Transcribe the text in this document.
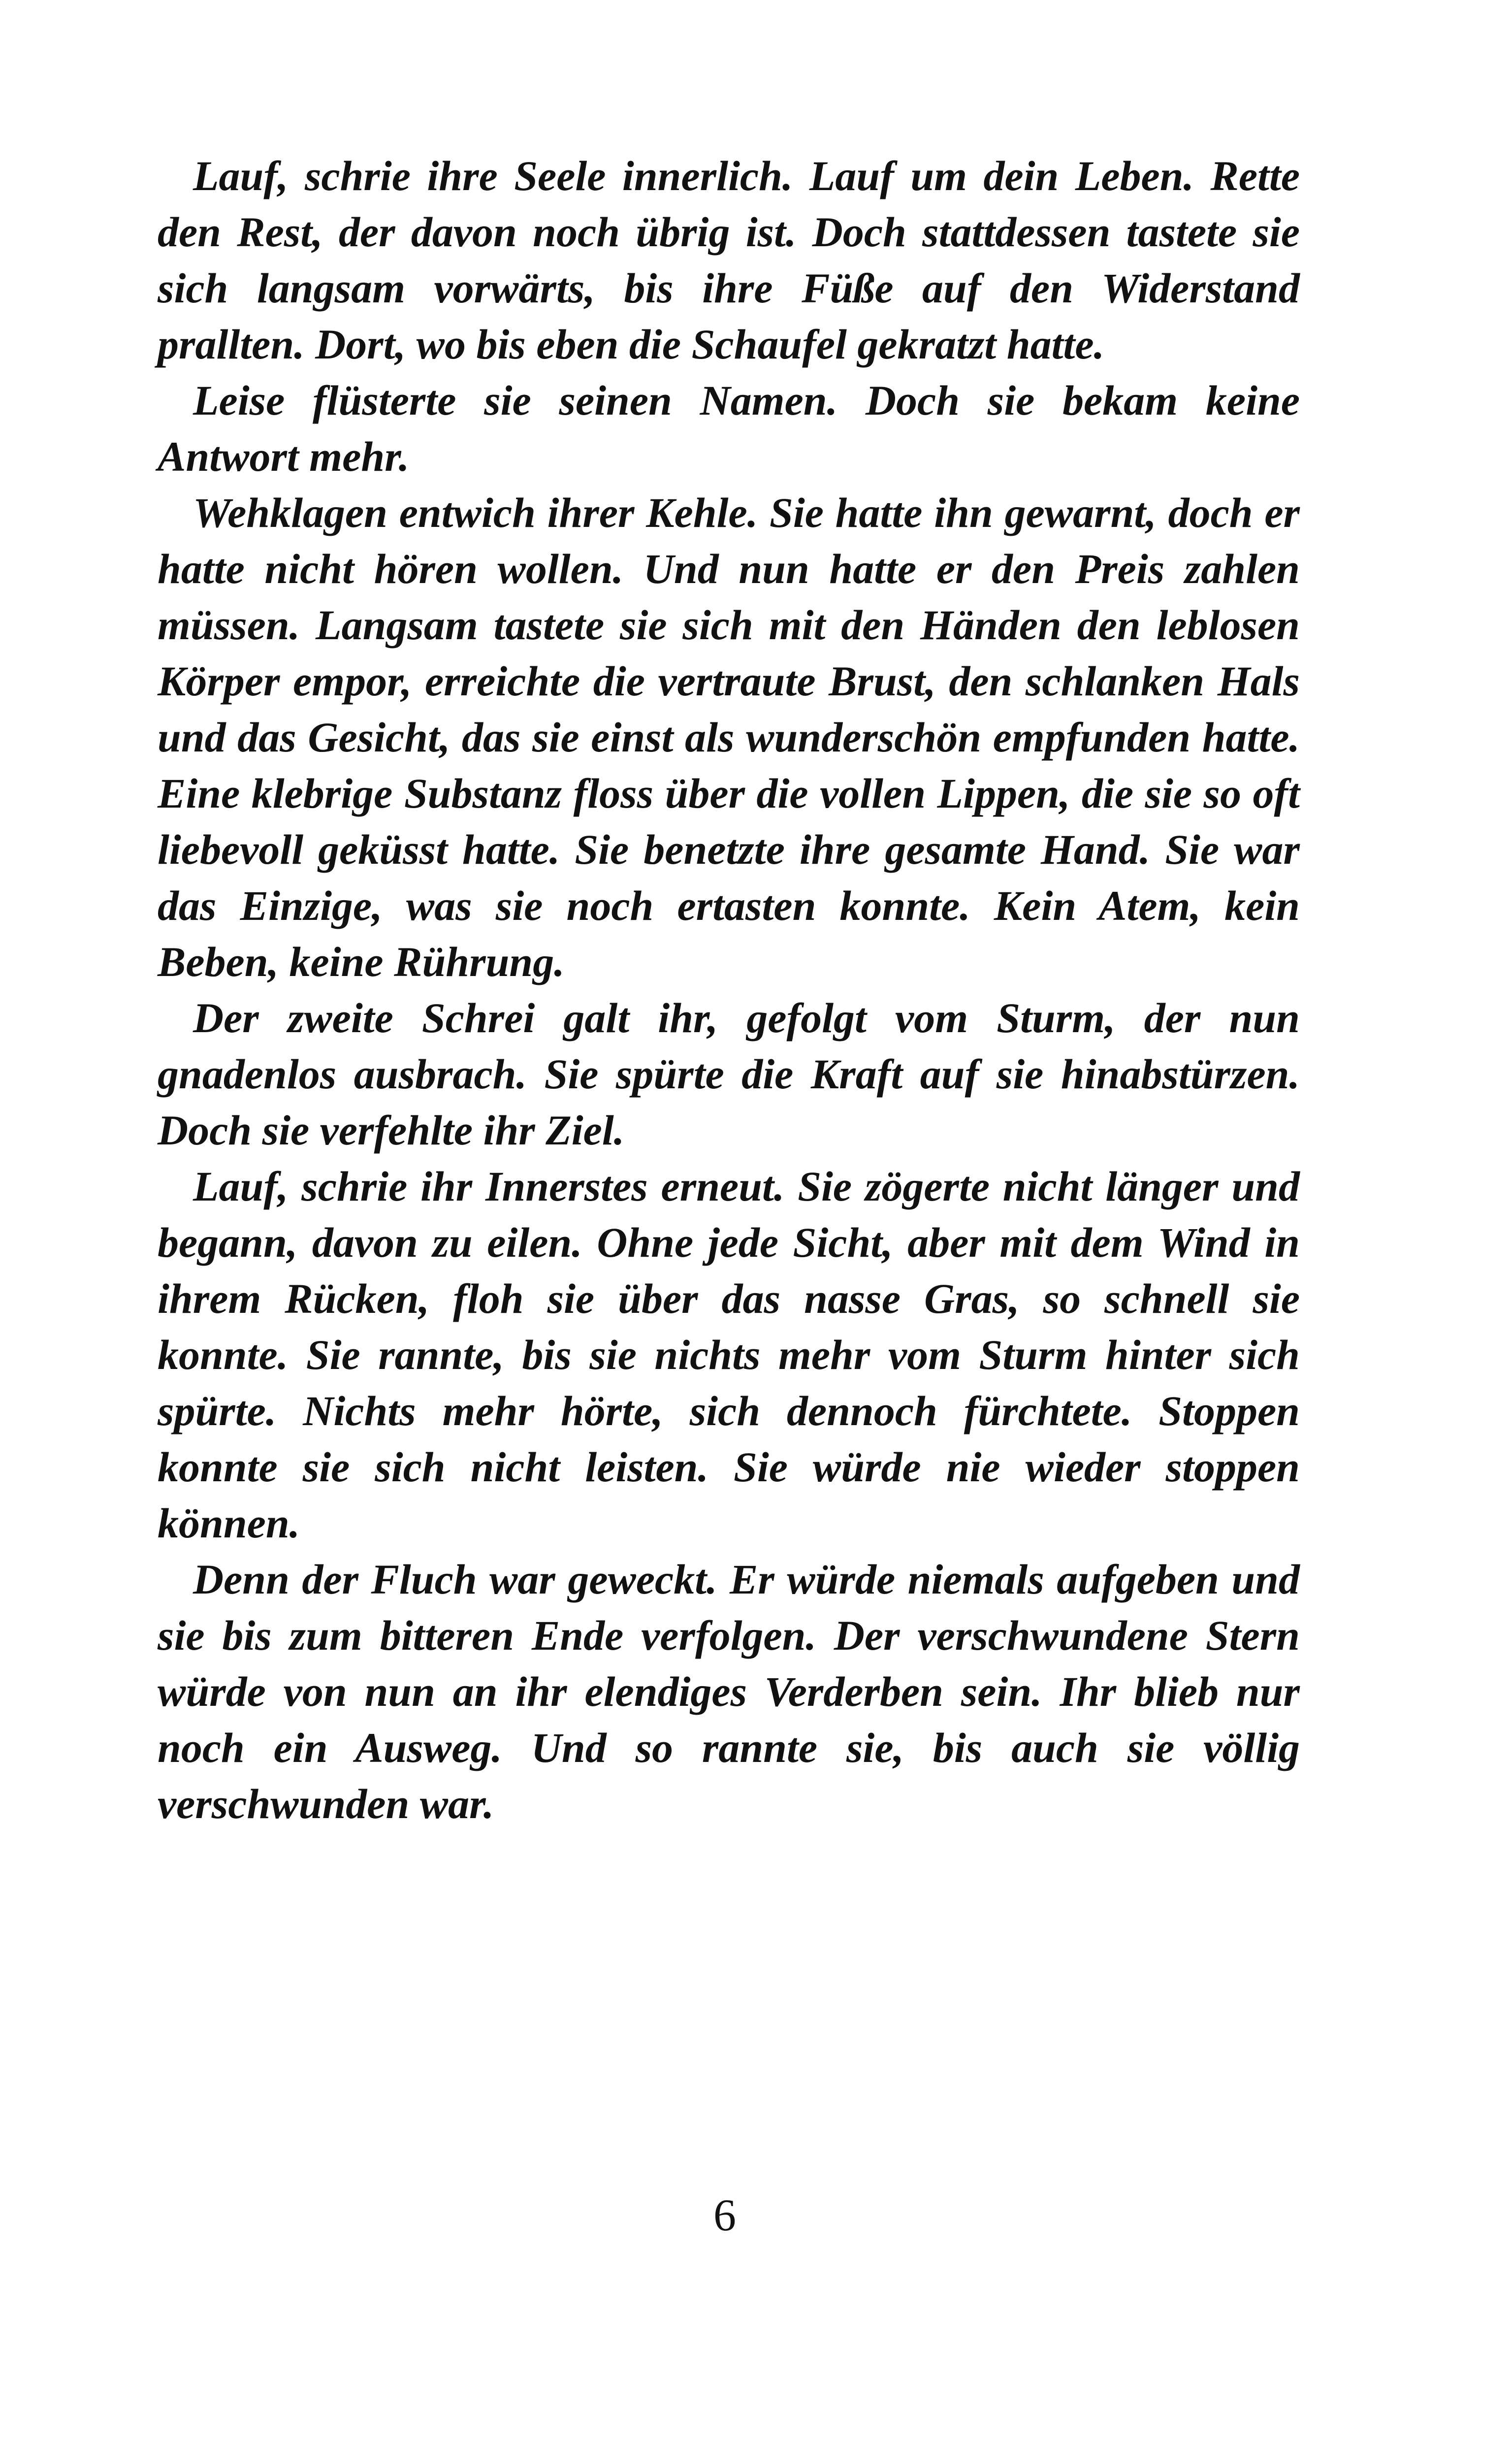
Lauf, schrie ihre Seele innerlich. Lauf um dein Leben. Rette den Rest, der davon noch übrig ist. Doch stattdessen tastete sie sich langsam vorwärts, bis ihre Füße auf den Widerstand prallten. Dort, wo bis eben die Schaufel gekratzt hatte.

Leise flüsterte sie seinen Namen. Doch sie bekam keine Antwort mehr.

Wehklagen entwich ihrer Kehle. Sie hatte ihn gewarnt, doch er hatte nicht hören wollen. Und nun hatte er den Preis zahlen müssen. Langsam tastete sie sich mit den Händen den leblosen Körper empor, erreichte die vertraute Brust, den schlanken Hals und das Gesicht, das sie einst als wunderschön empfunden hatte. Eine klebrige Substanz floss über die vollen Lippen, die sie so oft liebevoll geküsst hatte. Sie benetzte ihre gesamte Hand. Sie war das Einzige, was sie noch ertasten konnte. Kein Atem, kein Beben, keine Rührung.

Der zweite Schrei galt ihr, gefolgt vom Sturm, der nun gnadenlos ausbrach. Sie spürte die Kraft auf sie hinabstürzen. Doch sie verfehlte ihr Ziel.

Lauf, schrie ihr Innerstes erneut. Sie zögerte nicht länger und begann, davon zu eilen. Ohne jede Sicht, aber mit dem Wind in ihrem Rücken, floh sie über das nasse Gras, so schnell sie konnte. Sie rannte, bis sie nichts mehr vom Sturm hinter sich spürte. Nichts mehr hörte, sich dennoch fürchtete. Stoppen konnte sie sich nicht leisten. Sie würde nie wieder stoppen können.

Denn der Fluch war geweckt. Er würde niemals aufgeben und sie bis zum bitteren Ende verfolgen. Der verschwundene Stern würde von nun an ihr elendiges Verderben sein. Ihr blieb nur noch ein Ausweg. Und so rannte sie, bis auch sie völlig verschwunden war.

6
